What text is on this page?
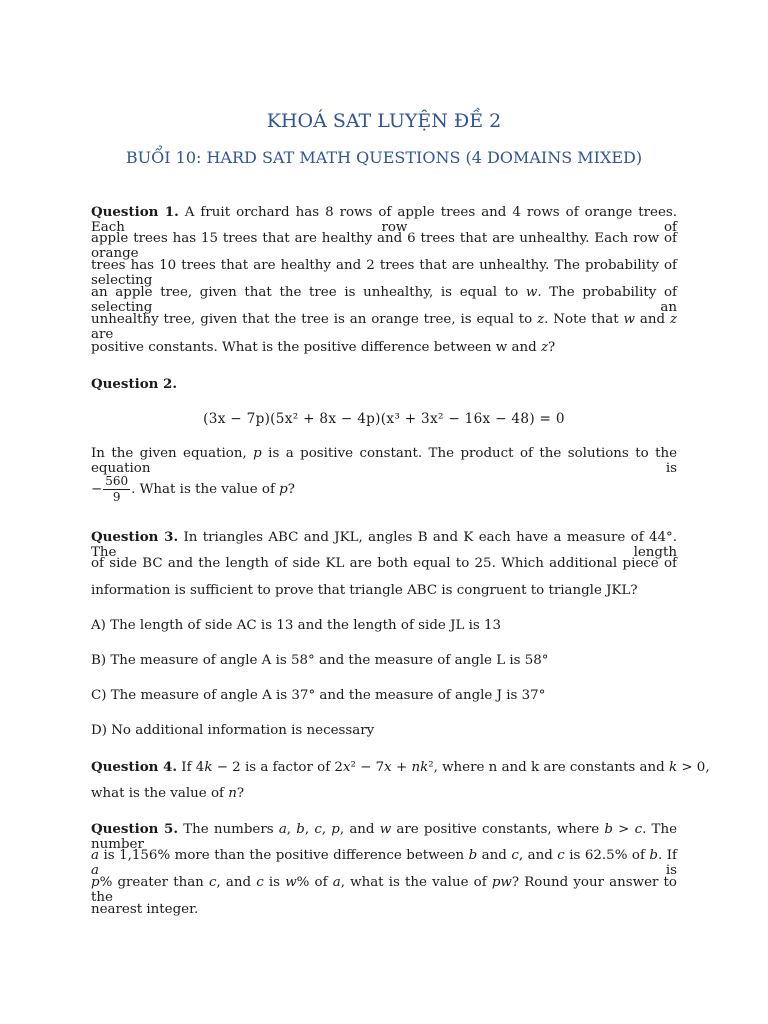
KHOÁ SAT LUYỆN ĐỀ 2
BUỔI 10: HARD SAT MATH QUESTIONS (4 DOMAINS MIXED)
Question 1. A fruit orchard has 8 rows of apple trees and 4 rows of orange trees. Each row of
apple trees has 15 trees that are healthy and 6 trees that are unhealthy. Each row of orange
trees has 10 trees that are healthy and 2 trees that are unhealthy. The probability of selecting
an apple tree, given that the tree is unhealthy, is equal to w. The probability of selecting an
unhealthy tree, given that the tree is an orange tree, is equal to z. Note that w and z are
positive constants. What is the positive difference between w and z?
Question 2.
(3x − 7p)(5x² + 8x − 4p)(x³ + 3x² − 16x − 48) = 0
In the given equation, p is a positive constant. The product of the solutions to the equation is
− $\frac{560}{9}$ . What is the value of p?
Question 3. In triangles ABC and JKL, angles B and K each have a measure of 44°. The length
of side BC and the length of side KL are both equal to 25. Which additional piece of
information is sufficient to prove that triangle ABC is congruent to triangle JKL?
A) The length of side AC is 13 and the length of side JL is 13
B) The measure of angle A is 58° and the measure of angle L is 58°
C) The measure of angle A is 37° and the measure of angle J is 37°
D) No additional information is necessary
Question 4. If 4k − 2 is a factor of 2x² − 7x + nk², where n and k are constants and k > 0,
what is the value of n?
Question 5. The numbers a, b, c, p, and w are positive constants, where b > c. The number
a is 1,156% more than the positive difference between b and c, and c is 62.5% of b. If a is
p% greater than c, and c is w% of a, what is the value of pw? Round your answer to the
nearest integer.
